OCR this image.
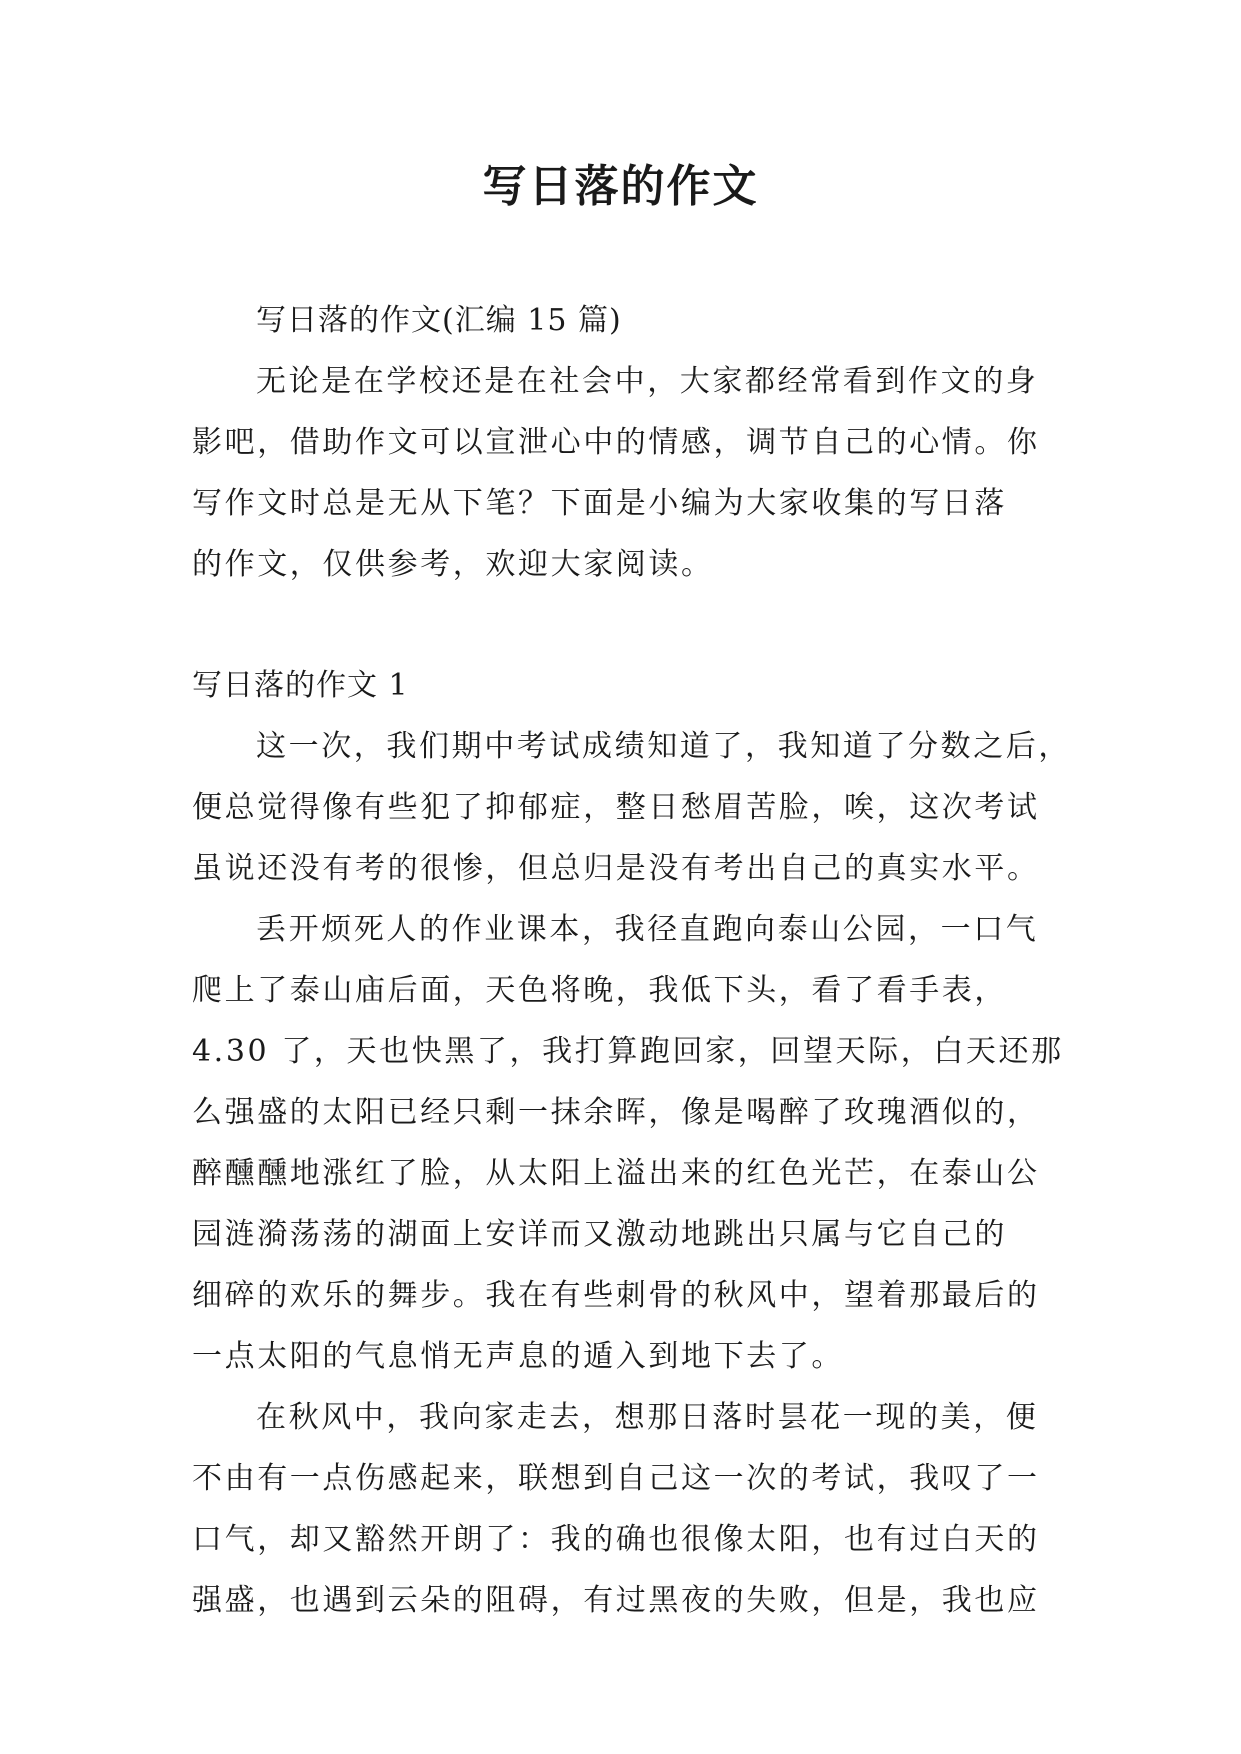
写日落的作文
写日落的作文(汇编 15 篇)
无论是在学校还是在社会中，大家都经常看到作文的身
影吧，借助作文可以宣泄心中的情感，调节自己的心情。你
写作文时总是无从下笔？下面是小编为大家收集的写日落
的作文，仅供参考，欢迎大家阅读。
写日落的作文 1
这一次，我们期中考试成绩知道了，我知道了分数之后，
便总觉得像有些犯了抑郁症，整日愁眉苦脸，唉，这次考试
虽说还没有考的很惨，但总归是没有考出自己的真实水平。
丢开烦死人的作业课本，我径直跑向泰山公园，一口气
爬上了泰山庙后面，天色将晚，我低下头，看了看手表，
4.30 了，天也快黑了，我打算跑回家，回望天际，白天还那
么强盛的太阳已经只剩一抹余晖，像是喝醉了玫瑰酒似的，
醉醺醺地涨红了脸，从太阳上溢出来的红色光芒，在泰山公
园涟漪荡荡的湖面上安详而又激动地跳出只属与它自己的
细碎的欢乐的舞步。我在有些刺骨的秋风中，望着那最后的
一点太阳的气息悄无声息的遁入到地下去了。
在秋风中，我向家走去，想那日落时昙花一现的美，便
不由有一点伤感起来，联想到自己这一次的考试，我叹了一
口气，却又豁然开朗了：我的确也很像太阳，也有过白天的
强盛，也遇到云朵的阻碍，有过黑夜的失败，但是，我也应
